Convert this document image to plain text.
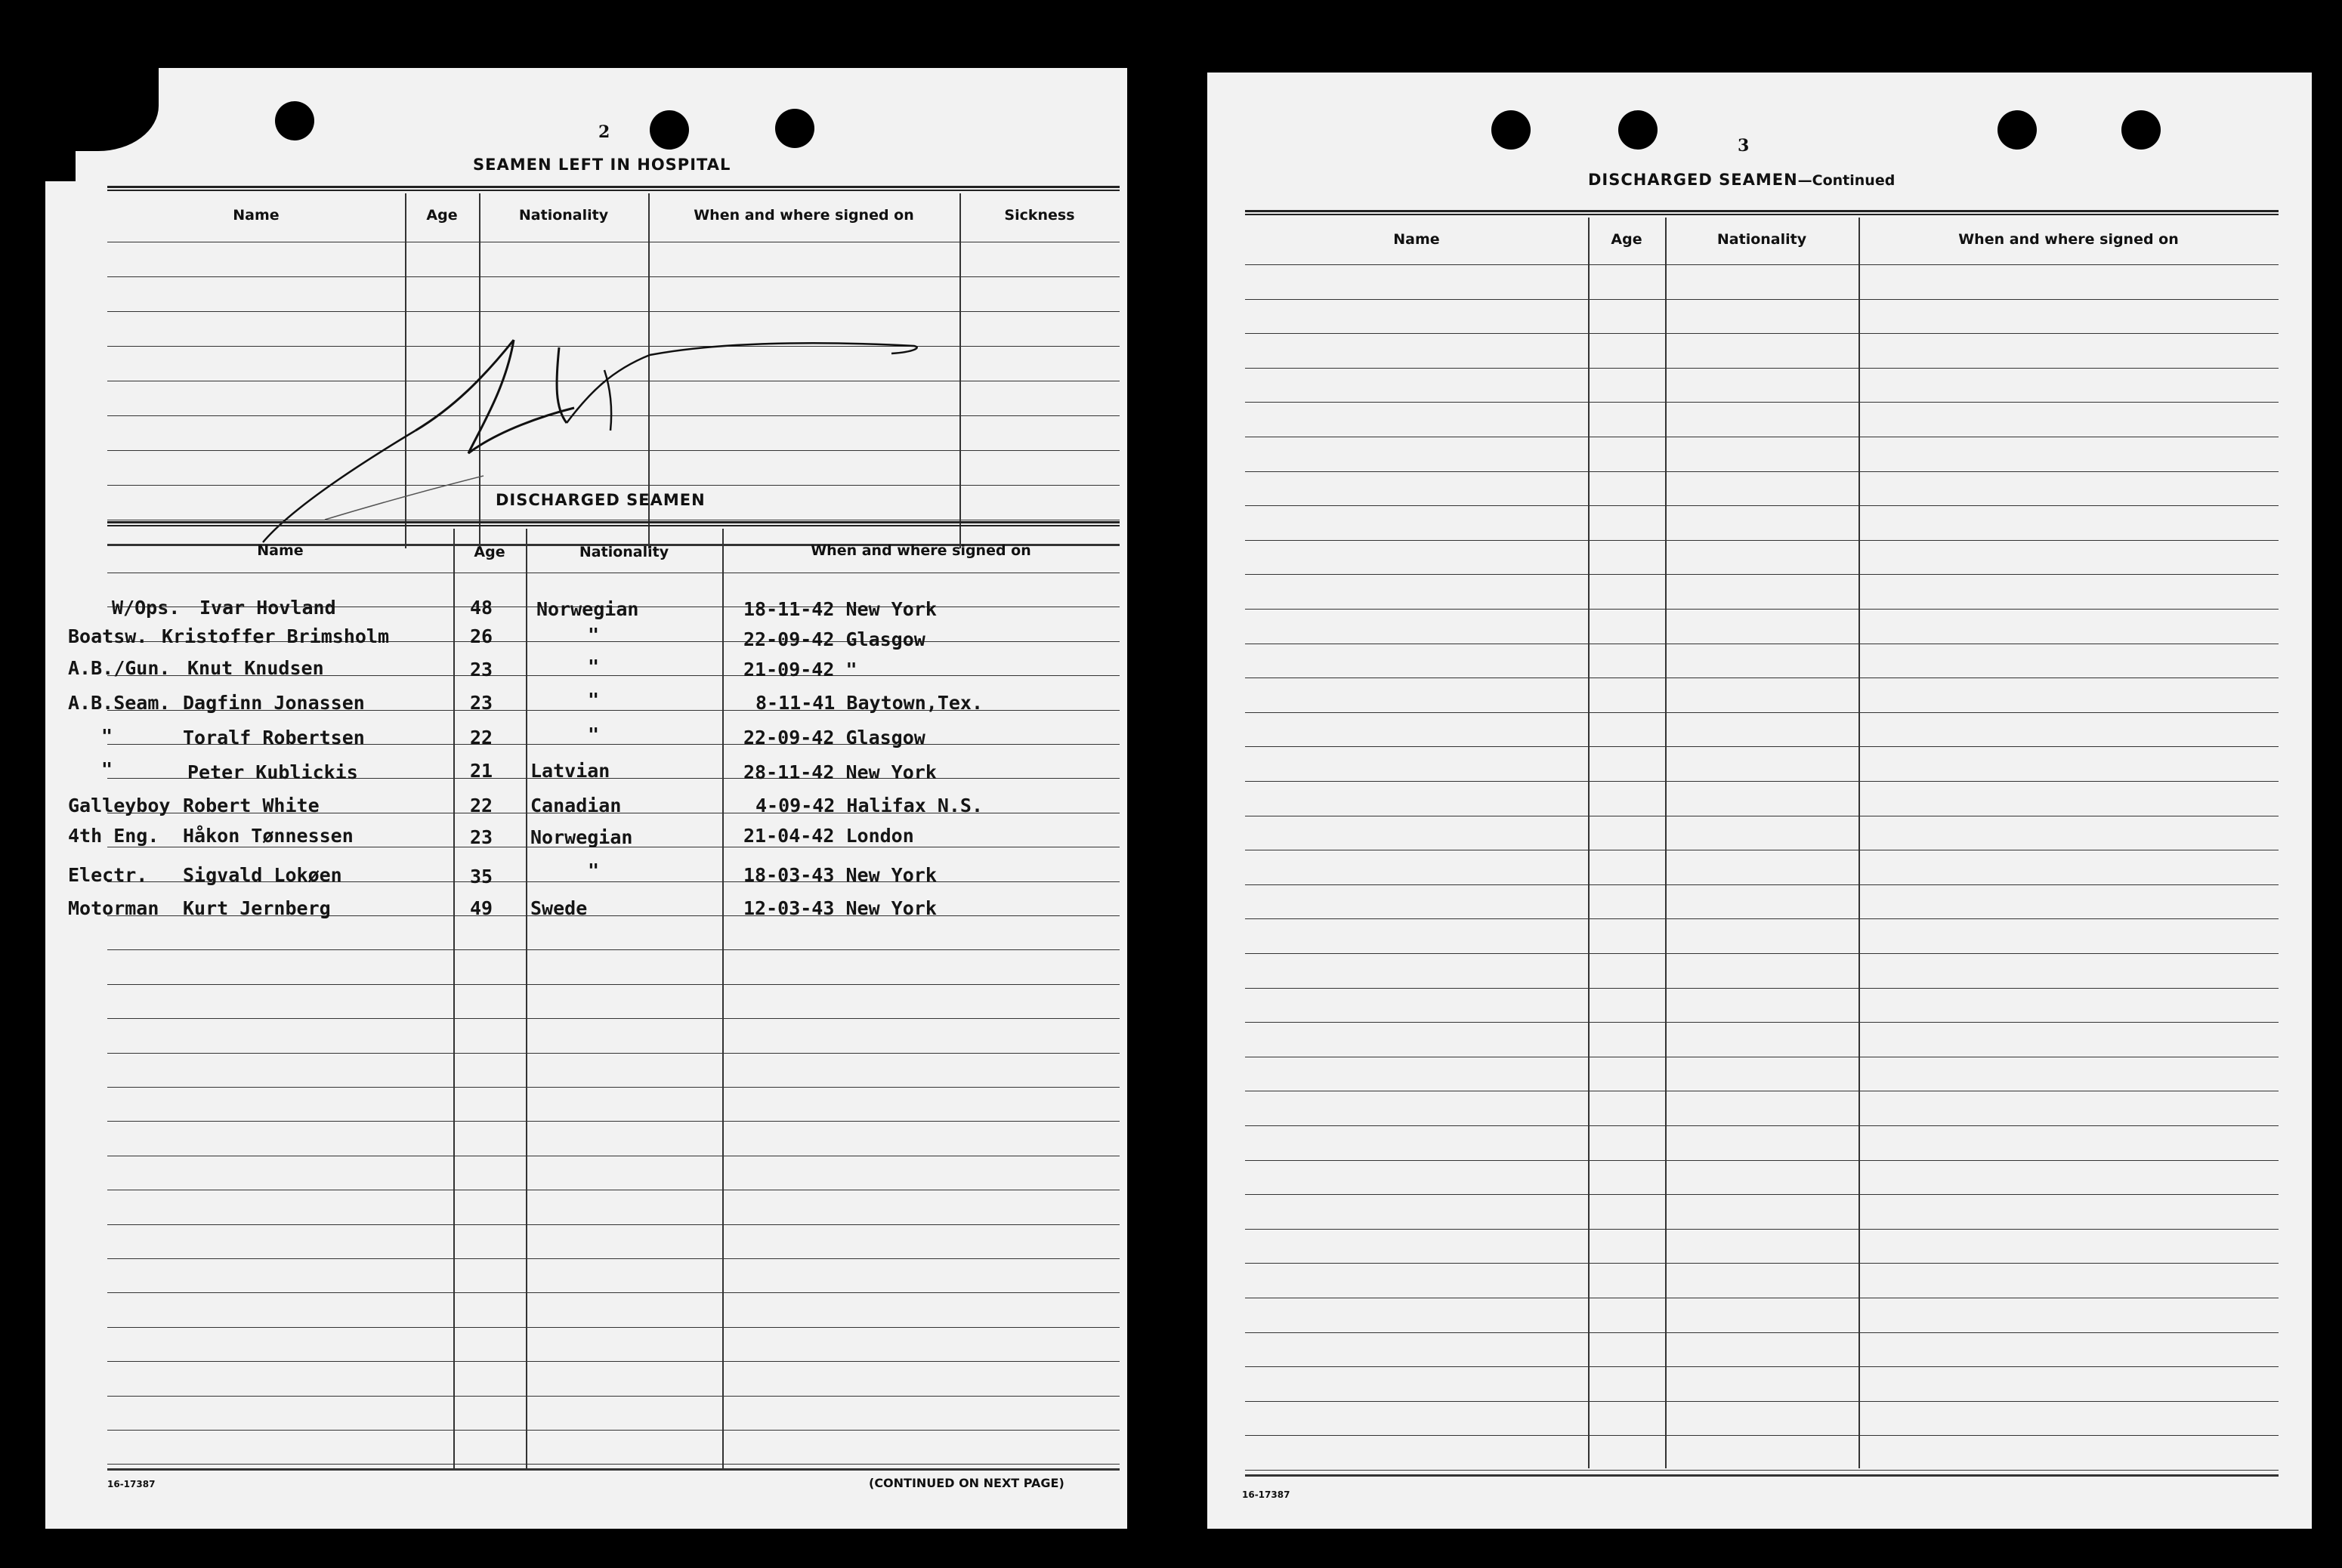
2
SEAMEN LEFT IN HOSPITAL
Name	Age	Nationality	When and where signed on	Sickness
DISCHARGED SEAMEN
Name	Age	Nationality	When and where signed on
W/Ops. Ivar Hovland	48 Norwegian	18-11-42 New York
Boatsw. Kristoffer Brimsholm	26	"	22-09-42 Glasgow
A.B./Gun. Knut Knudsen	23	"	21-09-42 "
A.B.Seam. Dagfinn Jonassen	23	"	8-11-41 Baytown,Tex.
"	Toralf Robertsen	22	"	22-09-42 Glasgow
"	Peter Kublickis	21 Latvian	28-11-42 New York
Galleyboy Robert White	22 Canadian	4-09-42 Halifax N.S.
4th Eng. Håkon Tønnessen	23 Norwegian	21-04-42 London
Electr. Sigvald Lokøen	35	"	18-03-43 New York
Motorman Kurt Jernberg	49 Swede	12-03-43 New York
16-17387	(CONTINUED ON NEXT PAGE)
3
DISCHARGED SEAMEN—Continued
Name	Age	Nationality	When and where signed on
16-17387
